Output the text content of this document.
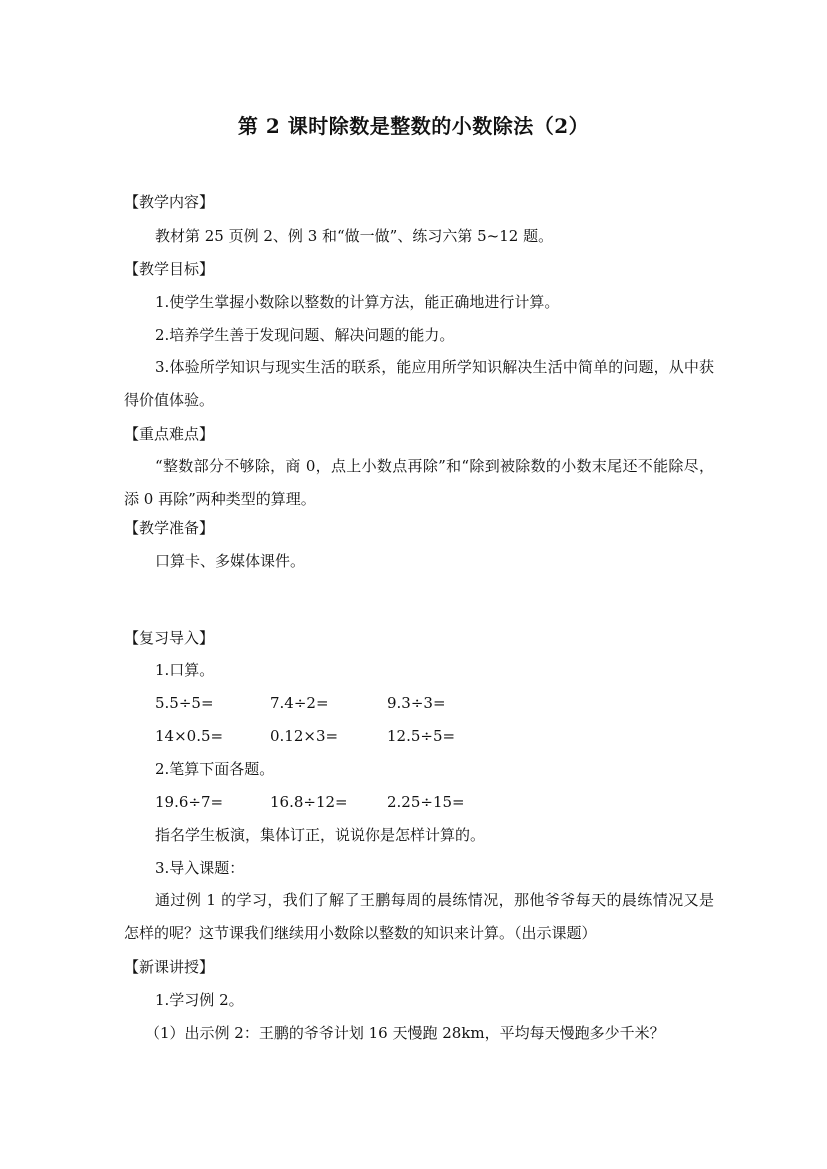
第 2 课时除数是整数的小数除法（2）
【教学内容】
教材第 25 页例 2、例 3 和“做一做”、练习六第 5~12 题。
【教学目标】
1.使学生掌握小数除以整数的计算方法，能正确地进行计算。
2.培养学生善于发现问题、解决问题的能力。
3.体验所学知识与现实生活的联系，能应用所学知识解决生活中简单的问题，从中获得价值体验。
【重点难点】
“整数部分不够除，商 0，点上小数点再除”和“除到被除数的小数末尾还不能除尽，添 0 再除”两种类型的算理。
【教学准备】
口算卡、多媒体课件。
【复习导入】
1.口算。
5.5÷5=	7.4÷2=	9.3÷3=
14×0.5=	0.12×3=	12.5÷5=
2.笔算下面各题。
19.6÷7=	16.8÷12=	2.25÷15=
指名学生板演，集体订正，说说你是怎样计算的。
3.导入课题：
通过例 1 的学习，我们了解了王鹏每周的晨练情况，那他爷爷每天的晨练情况又是怎样的呢？这节课我们继续用小数除以整数的知识来计算。（出示课题）
【新课讲授】
1.学习例 2。
（1）出示例 2：王鹏的爷爷计划 16 天慢跑 28km，平均每天慢跑多少千米？
